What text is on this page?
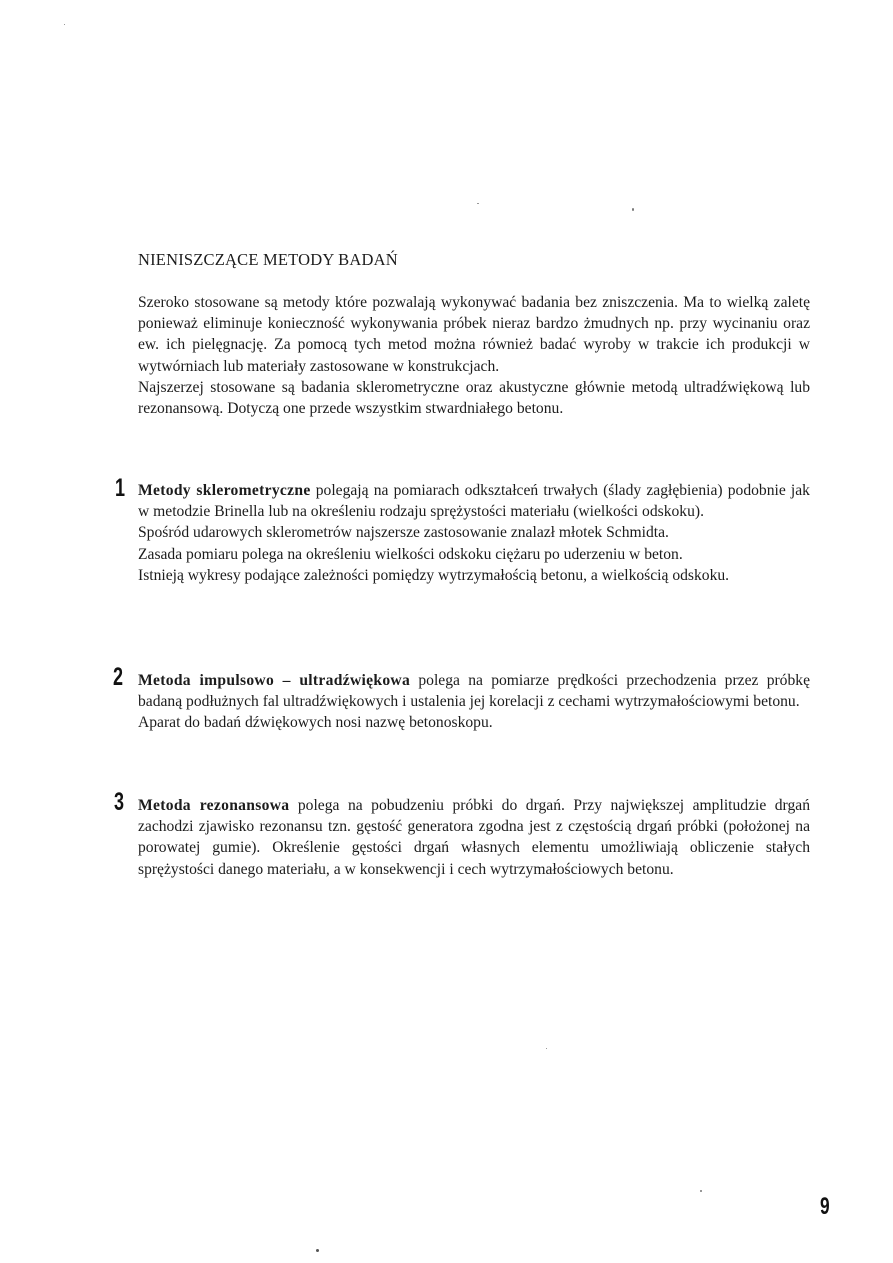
NIENISZCZĄCE METODY BADAŃ

Szeroko stosowane są metody które pozwalają wykonywać badania bez zniszczenia. Ma to wielką zaletę ponieważ eliminuje konieczność wykonywania próbek nieraz bardzo żmudnych np. przy wycinaniu oraz ew. ich pielęgnację. Za pomocą tych metod można również badać wyroby w trakcie ich produkcji w wytwórniach lub materiały zastosowane w konstrukcjach.

Najszerzej stosowane są badania sklerometryczne oraz akustyczne głównie metodą ultradźwiękową lub rezonansową. Dotyczą one przede wszystkim stwardniałego betonu.

1 Metody sklerometryczne polegają na pomiarach odkształceń trwałych (ślady zagłębienia) podobnie jak w metodzie Brinella lub na określeniu rodzaju sprężystości materiału (wielkości odskoku).

Spośród udarowych sklerometrów najszersze zastosowanie znalazł młotek Schmidta.

Zasada pomiaru polega na określeniu wielkości odskoku ciężaru po uderzeniu w beton.

Istnieją wykresy podające zależności pomiędzy wytrzymałością betonu, a wielkością odskoku.

2 Metoda impulsowo – ultradźwiękowa polega na pomiarze prędkości przechodzenia przez próbkę badaną podłużnych fal ultradźwiękowych i ustalenia jej korelacji z cechami wytrzymałościowymi betonu.

Aparat do badań dźwiękowych nosi nazwę betonoskopu.

3 Metoda rezonansowa polega na pobudzeniu próbki do drgań. Przy największej amplitudzie drgań zachodzi zjawisko rezonansu tzn. gęstość generatora zgodna jest z częstością drgań próbki (położonej na porowatej gumie). Określenie gęstości drgań własnych elementu umożliwiają obliczenie stałych sprężystości danego materiału, a w konsekwencji i cech wytrzymałościowych betonu.

9
